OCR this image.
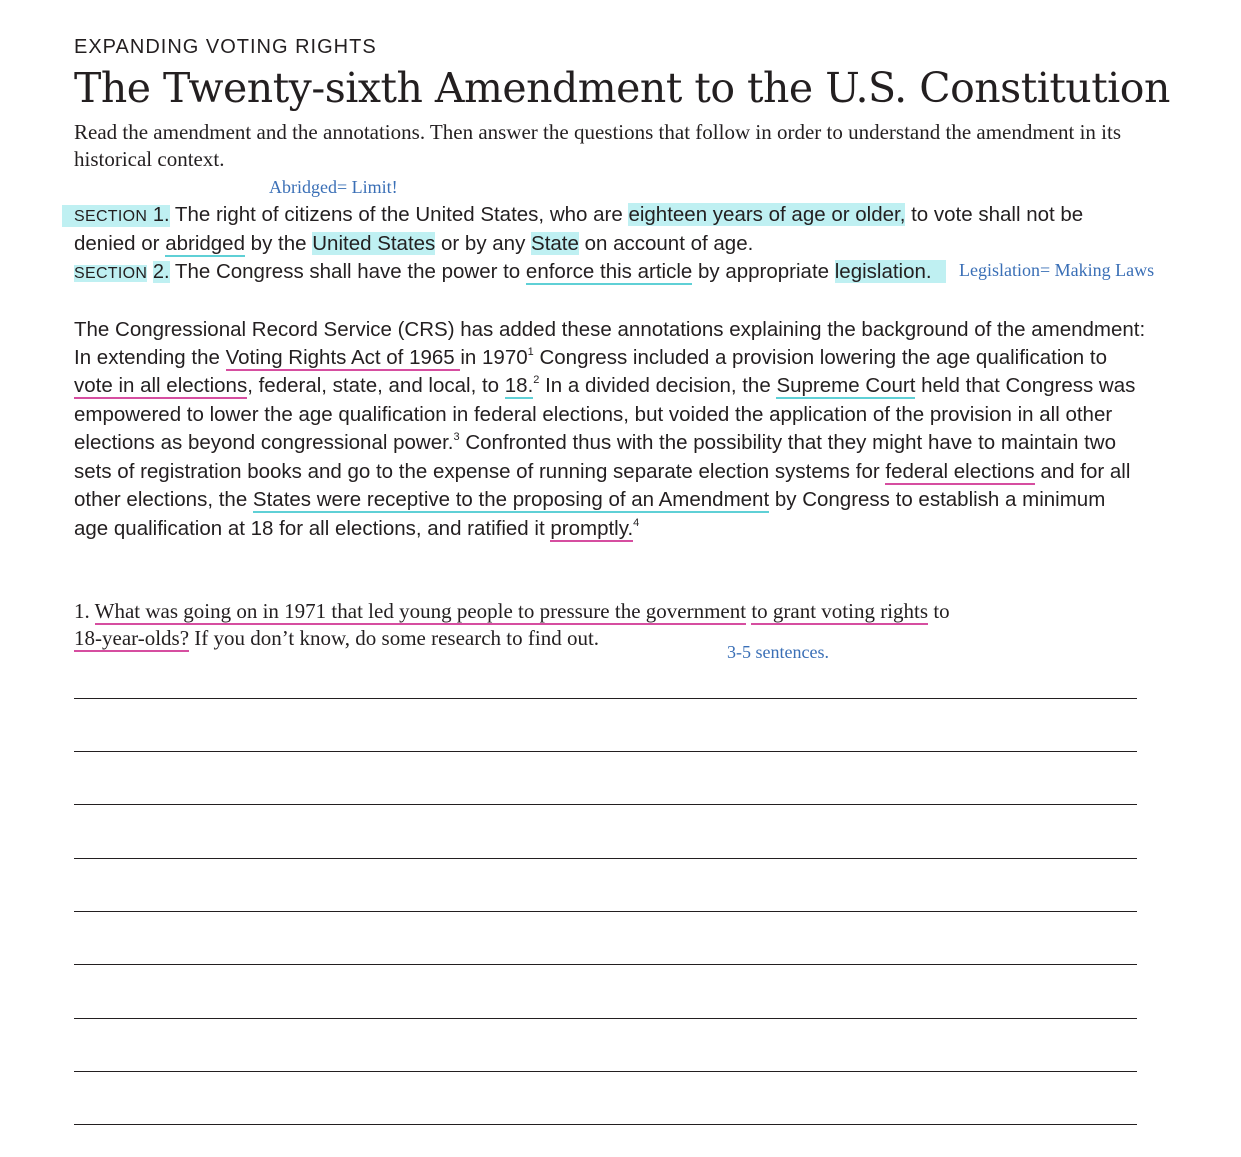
EXPANDING VOTING RIGHTS
The Twenty-sixth Amendment to the U.S. Constitution
Read the amendment and the annotations. Then answer the questions that follow in order to understand the amendment in its historical context.
Abridged= Limit!
SECTION 1. The right of citizens of the United States, who are eighteen years of age or older, to vote shall not be
denied or abridged by the United States or by any State on account of age.
SECTION 2. The Congress shall have the power to enforce this article by appropriate legislation.	Legislation= Making Laws
The Congressional Record Service (CRS) has added these annotations explaining the background of the amendment:
In extending the Voting Rights Act of 1965 in 1970$^1$ Congress included a provision lowering the age qualification to
vote in all elections, federal, state, and local, to 18.$^2$ In a divided decision, the Supreme Court held that Congress was
empowered to lower the age qualification in federal elections, but voided the application of the provision in all other
elections as beyond congressional power.$^3$ Confronted thus with the possibility that they might have to maintain two
sets of registration books and go to the expense of running separate election systems for federal elections and for all
other elections, the States were receptive to the proposing of an Amendment by Congress to establish a minimum
age qualification at 18 for all elections, and ratified it promptly.$^4$
1. What was going on in 1971 that led young people to pressure the government to grant voting rights to
18-year-olds? If you don’t know, do some research to find out.
3-5 sentences.
